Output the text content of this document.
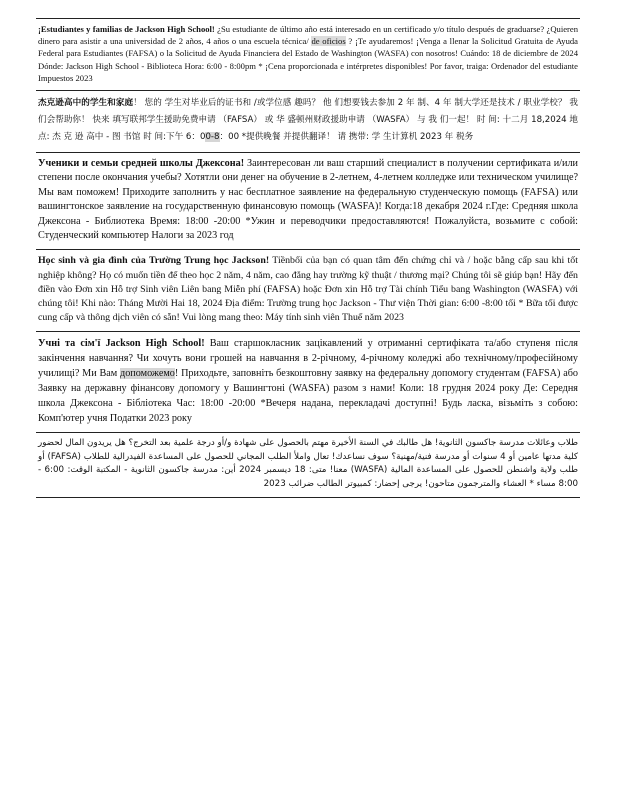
¡Estudiantes y familias de Jackson High School! ¿Su estudiante de último año está interesado en un certificado y/o título después de graduarse? ¿Quieren dinero para asistir a una universidad de 2 años, 4 años o una escuela técnica/ de oficios ? ¡Te ayudaremos! ¡Venga a llenar la Solicitud Gratuita de Ayuda Federal para Estudiantes (FAFSA) o la Solicitud de Ayuda Financiera del Estado de Washington (WASFA) con nosotros! Cuándo: 18 de diciembre de 2024 Dónde: Jackson High School - Biblioteca Hora: 6:00 - 8:00pm * ¡Cena proporcionada e intérpretes disponibles! Por favor, traiga: Ordenador del estudiante Impuestos 2023

杰克逊高中的学生和家庭！ 您的 学生对毕业后的证书和 /或学位感 趣吗？ 他 们想要钱去参加 2 年 制、4 年 制大学还是技术 / 职业学校？ 我 们会帮助你！ 快来 填写联邦学生援助免费申请 （FAFSA） 或 华 盛顿州财政援助申请 （WASFA） 与 我 们一起！ 时 间: 十二月 18,2024 地 点: 杰 克 逊 高中 - 图 书馆 时 间:下午 6：00-8：00 *提供晚餐 并提供翻译！ 请 携带: 学 生计算机 2023 年 税务

Ученики и семьи средней школы Джексона! Заинтересован ли ваш старший специалист в получении сертификата и/или степени после окончания учебы? Хотятли они денег на обучение в 2-летнем, 4-летнем колледже или техническом училище? Мы вам поможем! Приходите заполнить у нас бесплатное заявление на федеральную студенческую помощь (FAFSA) или вашингтонское заявление на государственную финансовую помощь (WASFA)! Когда:18 декабря 2024 г.Где: Средняя школа Джексона - Библиотека Время: 18:00 -20:00 *Ужин и переводчики предоставляются! Пожалуйста, возьмите с собой: Студенческий компьютер Налоги за 2023 год

Học sinh và gia đình của Trường Trung học Jackson! Tiềnbối của bạn có quan tâm đến chứng chỉ và / hoặc bằng cấp sau khi tốt nghiệp không? Họ có muốn tiền để theo học 2 năm, 4 năm, cao đẳng hay trường kỹ thuật / thương mại? Chúng tôi sẽ giúp bạn! Hãy đến điền vào Đơn xin Hỗ trợ Sinh viên Liên bang Miễn phí (FAFSA) hoặc Đơn xin Hỗ trợ Tài chính Tiểu bang Washington (WASFA) với chúng tôi! Khi nào: Tháng Mười Hai 18, 2024 Địa điểm: Trường trung học Jackson - Thư viện Thời gian: 6:00 -8:00 tối * Bữa tối được cung cấp và thông dịch viên có sẵn! Vui lòng mang theo: Máy tính sinh viên Thuế năm 2023

Учні та сім'ї Jackson High School! Ваш старшокласник зацікавлений у отриманні сертифіката та/або ступеня після закінчення навчання? Чи хочуть вони грошей на навчання в 2-річному, 4-річному коледжі або технічному/професійному училищі? Ми Вам допоможемо! Приходьте, заповніть безкоштовну заявку на федеральну допомогу студентам (FAFSA) або Заявку на державну фінансову допомогу у Вашингтоні (WASFA) разом з нами! Коли: 18 грудня 2024 року Де: Середня школа Джексона - Бібліотека Час: 18:00 -20:00 *Вечеря надана, перекладачі доступні! Будь ласка, візьміть з собою: Комп'ютер учня Податки 2023 року

طلاب وعائلات مدرسة جاكسون الثانوية! هل طالبك في السنة الأخيرة مهتم بالحصول على شهادة و/أو درجة علمية بعد التخرج؟ هل يريدون المال لحضور كلية مدتها عامين أو 4 سنوات أو مدرسة فنية/مهنية؟ سوف نساعدك! تعال واملأ الطلب المجاني للحصول على المساعدة الفيدرالية للطلاب (FAFSA) أو طلب ولاية واشنطن للحصول على المساعدة المالية (WASFA) معنا! متى: 18 ديسمبر 2024 أين: مدرسة جاكسون الثانوية - المكتبة الوقت: 6:00 - 8:00 مساء * العشاء والمترجمون متاحون! يرجى إحضار: كمبيوتر الطالب ضرائب 2023
